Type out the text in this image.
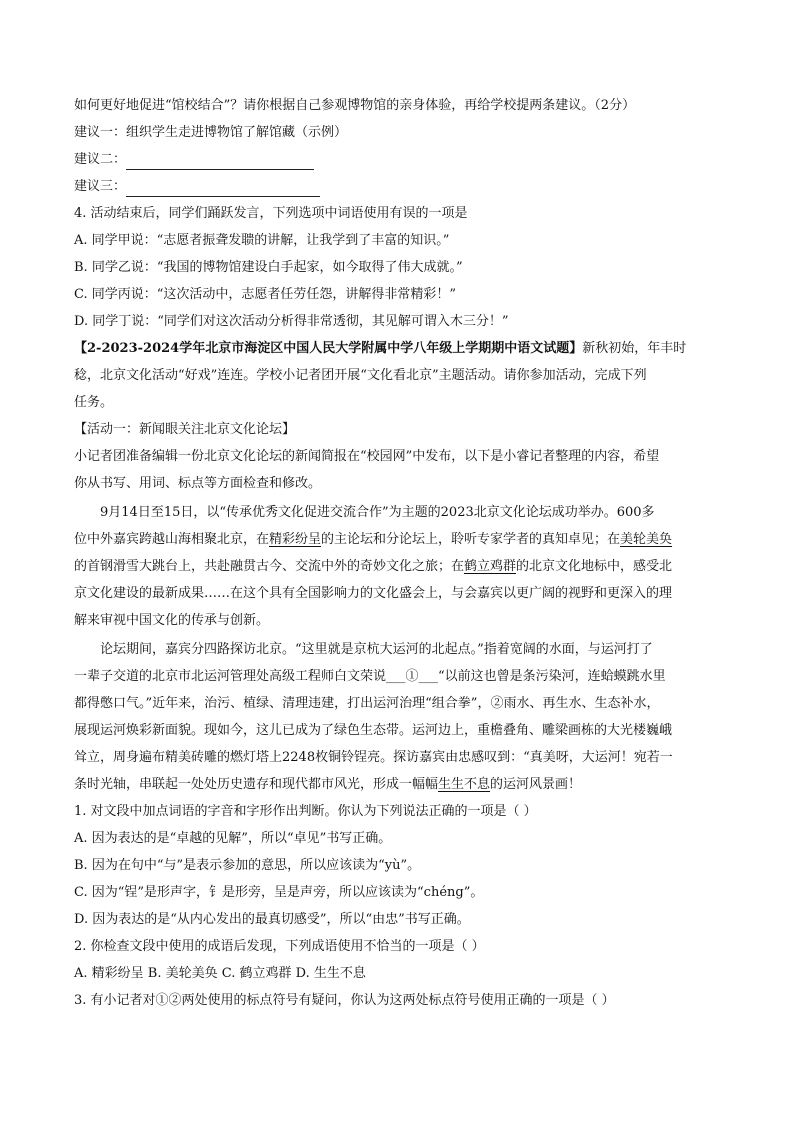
如何更好地促进“馆校结合”？请你根据自己参观博物馆的亲身体验，再给学校提两条建议。（2分）
建议一：组织学生走进博物馆了解馆藏（示例）
建议二：
建议三：
4. 活动结束后，同学们踊跃发言，下列选项中词语使用有误的一项是
A. 同学甲说：“志愿者振聋发聩的讲解，让我学到了丰富的知识。”
B. 同学乙说：“我国的博物馆建设白手起家，如今取得了伟大成就。”
C. 同学丙说：“这次活动中，志愿者任劳任怨，讲解得非常精彩！”
D. 同学丁说：“同学们对这次活动分析得非常透彻，其见解可谓入木三分！”
【2-2023-2024学年北京市海淀区中国人民大学附属中学八年级上学期期中语文试题】新秋初始，年丰时
稔，北京文化活动“好戏”连连。学校小记者团开展“文化看北京”主题活动。请你参加活动，完成下列
任务。
【活动一：新闻眼关注北京文化论坛】
小记者团准备编辑一份北京文化论坛的新闻简报在“校园网”中发布，以下是小睿记者整理的内容，希望
你从书写、用词、标点等方面检查和修改。
9月14日至15日，以“传承优秀文化促进交流合作”为主题的2023北京文化论坛成功举办。600多
位中外嘉宾跨越山海相聚北京，在精彩纷呈的主论坛和分论坛上，聆听专家学者的真知卓见；在美轮美奂
的首钢滑雪大跳台上，共赴融贯古今、交流中外的奇妙文化之旅；在鹤立鸡群的北京文化地标中，感受北
京文化建设的最新成果……在这个具有全国影响力的文化盛会上，与会嘉宾以更广阔的视野和更深入的理
解来审视中国文化的传承与创新。
论坛期间，嘉宾分四路探访北京。“这里就是京杭大运河的北起点。”指着宽阔的水面，与运河打了
一辈子交道的北京市北运河管理处高级工程师白文荣说___①___“以前这也曾是条污染河，连蛤蟆跳水里
都得憋口气。”近年来，治污、植绿、清理违建，打出运河治理“组合拳”，②雨水、再生水、生态补水，
展现运河焕彩新面貌。现如今，这儿已成为了绿色生态带。运河边上，重檐叠角、雕梁画栋的大光楼巍峨
耸立，周身遍布精美砖雕的燃灯塔上2248枚铜铃锃亮。探访嘉宾由忠感叹到：“真美呀，大运河！宛若一
条时光轴，串联起一处处历史遗存和现代都市风光，形成一幅幅生生不息的运河风景画！
1. 对文段中加点词语的字音和字形作出判断。你认为下列说法正确的一项是（ ）
A. 因为表达的是“卓越的见解”，所以“卓见”书写正确。
B. 因为在句中“与”是表示参加的意思，所以应该读为“yù”。
C. 因为“锃”是形声字，钅是形旁，呈是声旁，所以应该读为“chéng”。
D. 因为表达的是“从内心发出的最真切感受”，所以“由忠”书写正确。
2. 你检查文段中使用的成语后发现，下列成语使用不恰当的一项是（ ）
A. 精彩纷呈 B. 美轮美奂 C. 鹤立鸡群 D. 生生不息
3. 有小记者对①②两处使用的标点符号有疑问，你认为这两处标点符号使用正确的一项是（ ）
